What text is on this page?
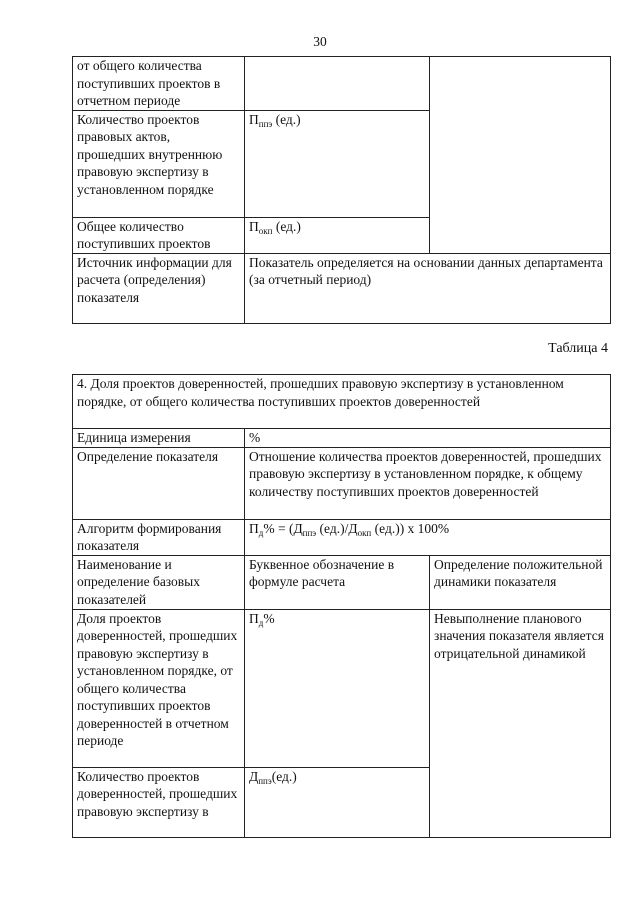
30
от общего количества поступивших проектов в отчетном периоде		
Количество проектов правовых актов, прошедших внутреннюю правовую экспертизу в установленном порядке	$П_{ппэ}$ (ед.)	
Общее количество поступивших проектов	$П_{окп}$ (ед.)	
Источник информации для расчета (определения) показателя	Показатель определяется на основании данных департамента (за отчетный период)	
Таблица 4
4. Доля проектов доверенностей, прошедших правовую экспертизу в установленном порядке, от общего количества поступивших проектов доверенностей		
Единица измерения	%	
Определение показателя	Отношение количества проектов доверенностей, прошедших правовую экспертизу в установленном порядке, к общему количеству поступивших проектов доверенностей	
Алгоритм формирования показателя	$П_д\% = (Д_{ппэ}$ $(ед.)/Д_{окп}$ (ед.)) x 100%	
Наименование и определение базовых показателей	Буквенное обозначение в формуле расчета	Определение положительной динамики показателя
Доля проектов доверенностей, прошедших правовую экспертизу в установленном порядке, от общего количества поступивших проектов доверенностей в отчетном периоде	$П_д\%$	Невыполнение планового значения показателя является отрицательной динамикой
Количество проектов доверенностей, прошедших правовую экспертизу в	$Д_{ппэ}(ед.)$	
